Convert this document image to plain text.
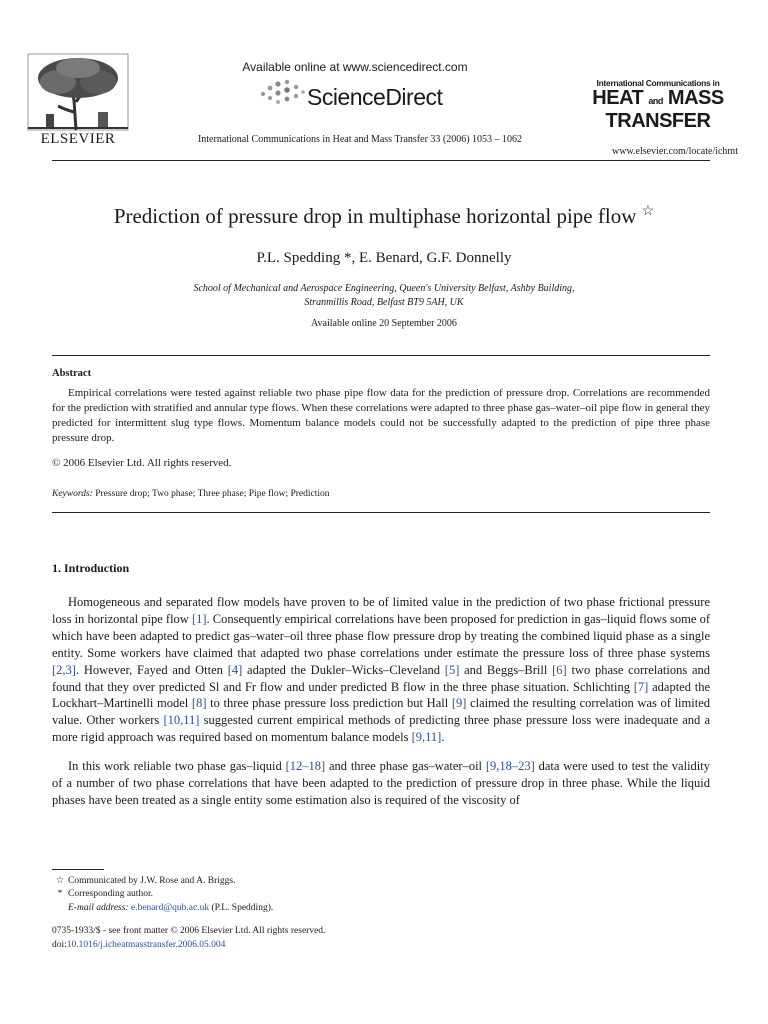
ELSEVIER
Available online at www.sciencedirect.com
ScienceDirect
International Communications in Heat and Mass Transfer 33 (2006) 1053 – 1062
International Communications in
HEAT and MASS
TRANSFER
www.elsevier.com/locate/ichmt
Prediction of pressure drop in multiphase horizontal pipe flow ☆
P.L. Spedding *, E. Benard, G.F. Donnelly
School of Mechanical and Aerospace Engineering, Queen's University Belfast, Ashby Building,
Stranmillis Road, Belfast BT9 5AH, UK
Available online 20 September 2006
Abstract
Empirical correlations were tested against reliable two phase pipe flow data for the prediction of pressure drop. Correlations are recommended for the prediction with stratified and annular type flows. When these correlations were adapted to three phase gas–water–oil pipe flow in general they predicted for intermittent slug type flows. Momentum balance models could not be successfully adapted to the prediction of pipe three phase pressure drop.
© 2006 Elsevier Ltd. All rights reserved.
Keywords: Pressure drop; Two phase; Three phase; Pipe flow; Prediction
1. Introduction
Homogeneous and separated flow models have proven to be of limited value in the prediction of two phase frictional pressure loss in horizontal pipe flow [1]. Consequently empirical correlations have been proposed for prediction in gas–liquid flows some of which have been adapted to predict gas–water–oil three phase flow pressure drop by treating the combined liquid phase as a single entity. Some workers have claimed that adapted two phase correlations under estimate the pressure loss of three phase systems [2,3]. However, Fayed and Otten [4] adapted the Dukler–Wicks–Cleveland [5] and Beggs–Brill [6] two phase correlations and found that they over predicted Sl and Fr flow and under predicted B flow in the three phase situation. Schlichting [7] adapted the Lockhart–Martinelli model [8] to three phase pressure loss prediction but Hall [9] claimed the resulting correlation was of limited value. Other workers [10,11] suggested current empirical methods of predicting three phase pressure loss were inadequate and a more rigid approach was required based on momentum balance models [9,11].
In this work reliable two phase gas–liquid [12–18] and three phase gas–water–oil [9,18–23] data were used to test the validity of a number of two phase correlations that have been adapted to the prediction of pressure drop in three phase. While the liquid phases have been treated as a single entity some estimation also is required of the viscosity of
☆ Communicated by J.W. Rose and A. Briggs.
* Corresponding author.
E-mail address: e.benard@qub.ac.uk (P.L. Spedding).
0735-1933/$ - see front matter © 2006 Elsevier Ltd. All rights reserved.
doi:10.1016/j.icheatmasstransfer.2006.05.004
